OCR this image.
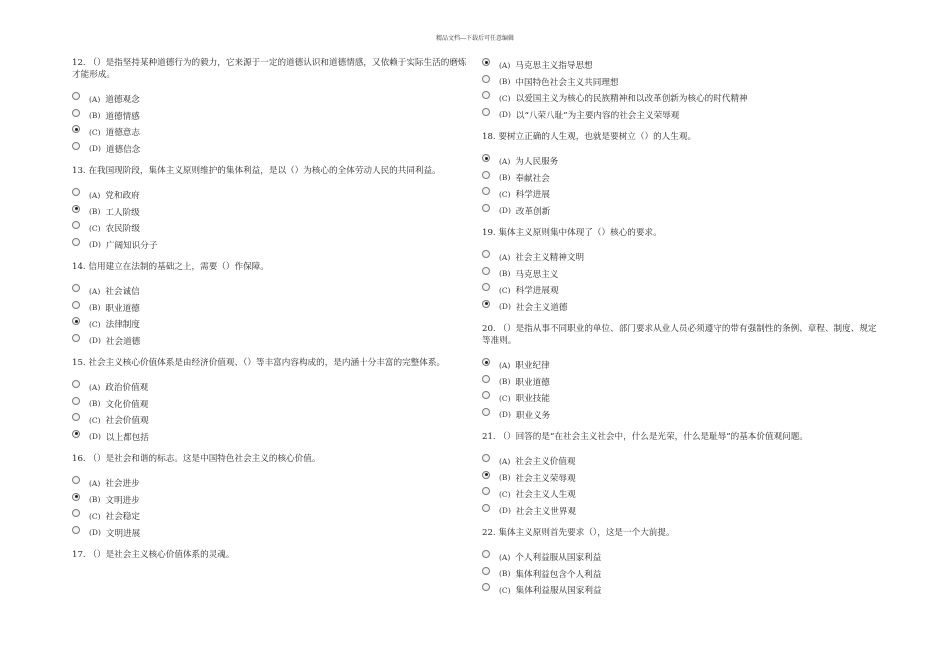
精品文档---下载后可任意编辑

12. （）是指坚持某种道德行为的毅力，它来源于一定的道德认识和道德情感，又依赖于实际生活的磨炼才能形成。

(A) 道德观念
(B) 道德情感
(C) 道德意志
(D) 道德信念

13. 在我国现阶段，集体主义原则维护的集体利益，是以（）为核心的全体劳动人民的共同利益。

(A) 党和政府
(B) 工人阶级
(C) 农民阶级
(D) 广阔知识分子

14. 信用建立在法制的基础之上，需要（）作保障。

(A) 社会诚信
(B) 职业道德
(C) 法律制度
(D) 社会道德

15. 社会主义核心价值体系是由经济价值观、（）等丰富内容构成的，是内涵十分丰富的完整体系。

(A) 政治价值观
(B) 文化价值观
(C) 社会价值观
(D) 以上都包括

16. （）是社会和谐的标志。这是中国特色社会主义的核心价值。

(A) 社会进步
(B) 文明进步
(C) 社会稳定
(D) 文明进展

17. （）是社会主义核心价值体系的灵魂。

(A) 马克思主义指导思想
(B) 中国特色社会主义共同理想
(C) 以爱国主义为核心的民族精神和以改革创新为核心的时代精神
(D) 以“八荣八耻”为主要内容的社会主义荣辱观

18. 要树立正确的人生观，也就是要树立（）的人生观。

(A) 为人民服务
(B) 奉献社会
(C) 科学进展
(D) 改革创新

19. 集体主义原则集中体现了（）核心的要求。

(A) 社会主义精神文明
(B) 马克思主义
(C) 科学进展观
(D) 社会主义道德

20. （）是指从事不同职业的单位、部门要求从业人员必须遵守的带有强制性的条例、章程、制度、规定等准则。

(A) 职业纪律
(B) 职业道德
(C) 职业技能
(D) 职业义务

21. （）回答的是“在社会主义社会中，什么是光荣，什么是耻辱”的基本价值观问题。

(A) 社会主义价值观
(B) 社会主义荣辱观
(C) 社会主义人生观
(D) 社会主义世界观

22. 集体主义原则首先要求（），这是一个大前提。

(A) 个人利益服从国家利益
(B) 集体利益包含个人利益
(C) 集体利益服从国家利益
